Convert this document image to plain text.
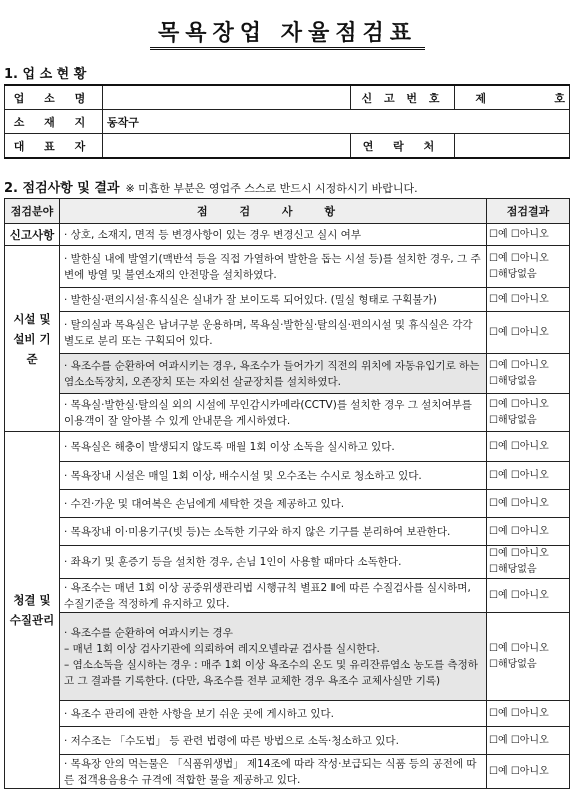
목욕장업 자율점검표
1. 업 소 현 황
업 소 명		신 고 번 호	제	호
소 재 지	동작구			
대 표 자		연 락 처		
2. 점검사항 및 결과 ※ 미흡한 부분은 영업주 스스로 반드시 시정하시기 바랍니다.
점검분야	점 검 사 항	점검결과
신고사항	· 상호, 소재지, 면적 등 변경사항이 있는 경우 변경신고 실시 여부	☐예 ☐아니오
시설 및
설비 기준	· 발한실 내에 발열기(맥반석 등을 직접 가열하여 발한을 돕는 시설 등)를 설치한 경우, 그 주변에 방열 및 불연소재의 안전망을 설치하였다.	☐예 ☐아니오
☐해당없음
	· 발한실·편의시설·휴식실은 실내가 잘 보이도록 되어있다. (밀실 형태로 구획불가)	☐예 ☐아니오
	· 탈의실과 목욕실은 남녀구분 운용하며, 목욕실·발한실·탈의실·편의시설 및 휴식실은 각각 별도로 분리 또는 구획되어 있다.	☐예 ☐아니오
	· 욕조수를 순환하여 여과시키는 경우, 욕조수가 들어가기 직전의 위치에 자동유입기로 하는 염소소독장치, 오존장치 또는 자외선 살균장치를 설치하였다.	☐예 ☐아니오
☐해당없음
	· 목욕실·발한실·탈의실 외의 시설에 무인감시카메라(CCTV)를 설치한 경우 그 설치여부를 이용객이 잘 알아볼 수 있게 안내문을 게시하였다.	☐예 ☐아니오
☐해당없음
청결 및
수질관리	· 목욕실은 해충이 발생되지 않도록 매월 1회 이상 소독을 실시하고 있다.	☐예 ☐아니오
	· 목욕장내 시설은 매일 1회 이상, 배수시설 및 오수조는 수시로 청소하고 있다.	☐예 ☐아니오
	· 수건·가운 및 대여복은 손님에게 세탁한 것을 제공하고 있다.	☐예 ☐아니오
	· 목욕장내 이·미용기구(빗 등)는 소독한 기구와 하지 않은 기구를 분리하여 보관한다.	☐예 ☐아니오
	· 좌욕기 및 훈증기 등을 설치한 경우, 손님 1인이 사용할 때마다 소독한다.	☐예 ☐아니오
☐해당없음
	· 욕조수는 매년 1회 이상 공중위생관리법 시행규칙 별표2 Ⅱ에 따른 수질검사를 실시하며, 수질기준을 적정하게 유지하고 있다.	☐예 ☐아니오
	· 욕조수를 순환하여 여과시키는 경우
– 매년 1회 이상 검사기관에 의뢰하여 레지오넬라균 검사를 실시한다.
– 염소소독을 실시하는 경우 : 매주 1회 이상 욕조수의 온도 및 유리잔류염소 농도를 측정하고 그 결과를 기록한다. (다만, 욕조수를 전부 교체한 경우 욕조수 교체사실만 기록)	☐예 ☐아니오
☐해당없음
	· 욕조수 관리에 관한 사항을 보기 쉬운 곳에 게시하고 있다.	☐예 ☐아니오
	· 저수조는 「수도법」 등 관련 법령에 따른 방법으로 소독·청소하고 있다.	☐예 ☐아니오
	· 목욕장 안의 먹는물은 「식품위생법」 제14조에 따라 작성·보급되는 식품 등의 공전에 따른 접객용음용수 규격에 적합한 물을 제공하고 있다.	☐예 ☐아니오
